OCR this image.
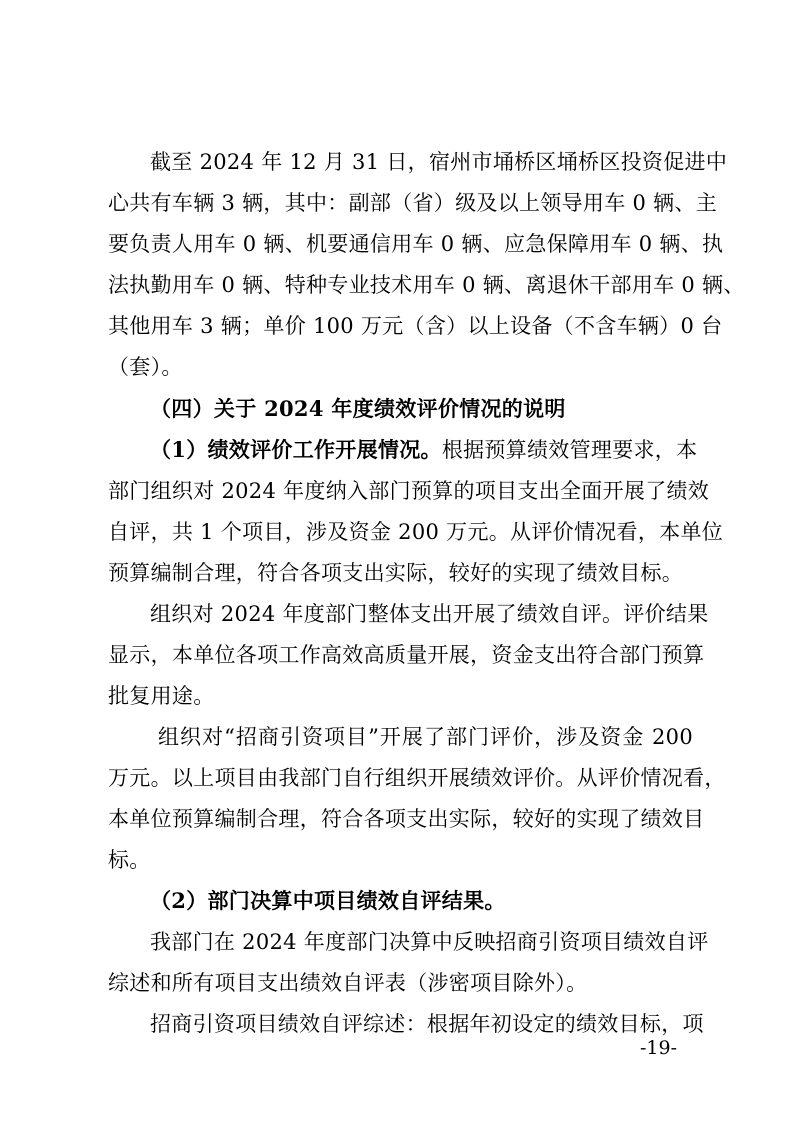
截至 2024 年 12 月 31 日，宿州市埇桥区埇桥区投资促进中
心共有车辆 3 辆，其中：副部（省）级及以上领导用车 0 辆、主
要负责人用车 0 辆、机要通信用车 0 辆、应急保障用车 0 辆、执
法执勤用车 0 辆、特种专业技术用车 0 辆、离退休干部用车 0 辆、
其他用车 3 辆；单价 100 万元（含）以上设备（不含车辆）0 台
（套）。
（四）关于 2024 年度绩效评价情况的说明
（1）绩效评价工作开展情况。根据预算绩效管理要求，本
部门组织对 2024 年度纳入部门预算的项目支出全面开展了绩效
自评，共 1 个项目，涉及资金 200 万元。从评价情况看，本单位
预算编制合理，符合各项支出实际，较好的实现了绩效目标。
组织对 2024 年度部门整体支出开展了绩效自评。评价结果
显示，本单位各项工作高效高质量开展，资金支出符合部门预算
批复用途。
组织对“招商引资项目”开展了部门评价，涉及资金 200
万元。以上项目由我部门自行组织开展绩效评价。从评价情况看，
本单位预算编制合理，符合各项支出实际，较好的实现了绩效目
标。
（2）部门决算中项目绩效自评结果。
我部门在 2024 年度部门决算中反映招商引资项目绩效自评
综述和所有项目支出绩效自评表（涉密项目除外）。
招商引资项目绩效自评综述：根据年初设定的绩效目标，项
-19-
